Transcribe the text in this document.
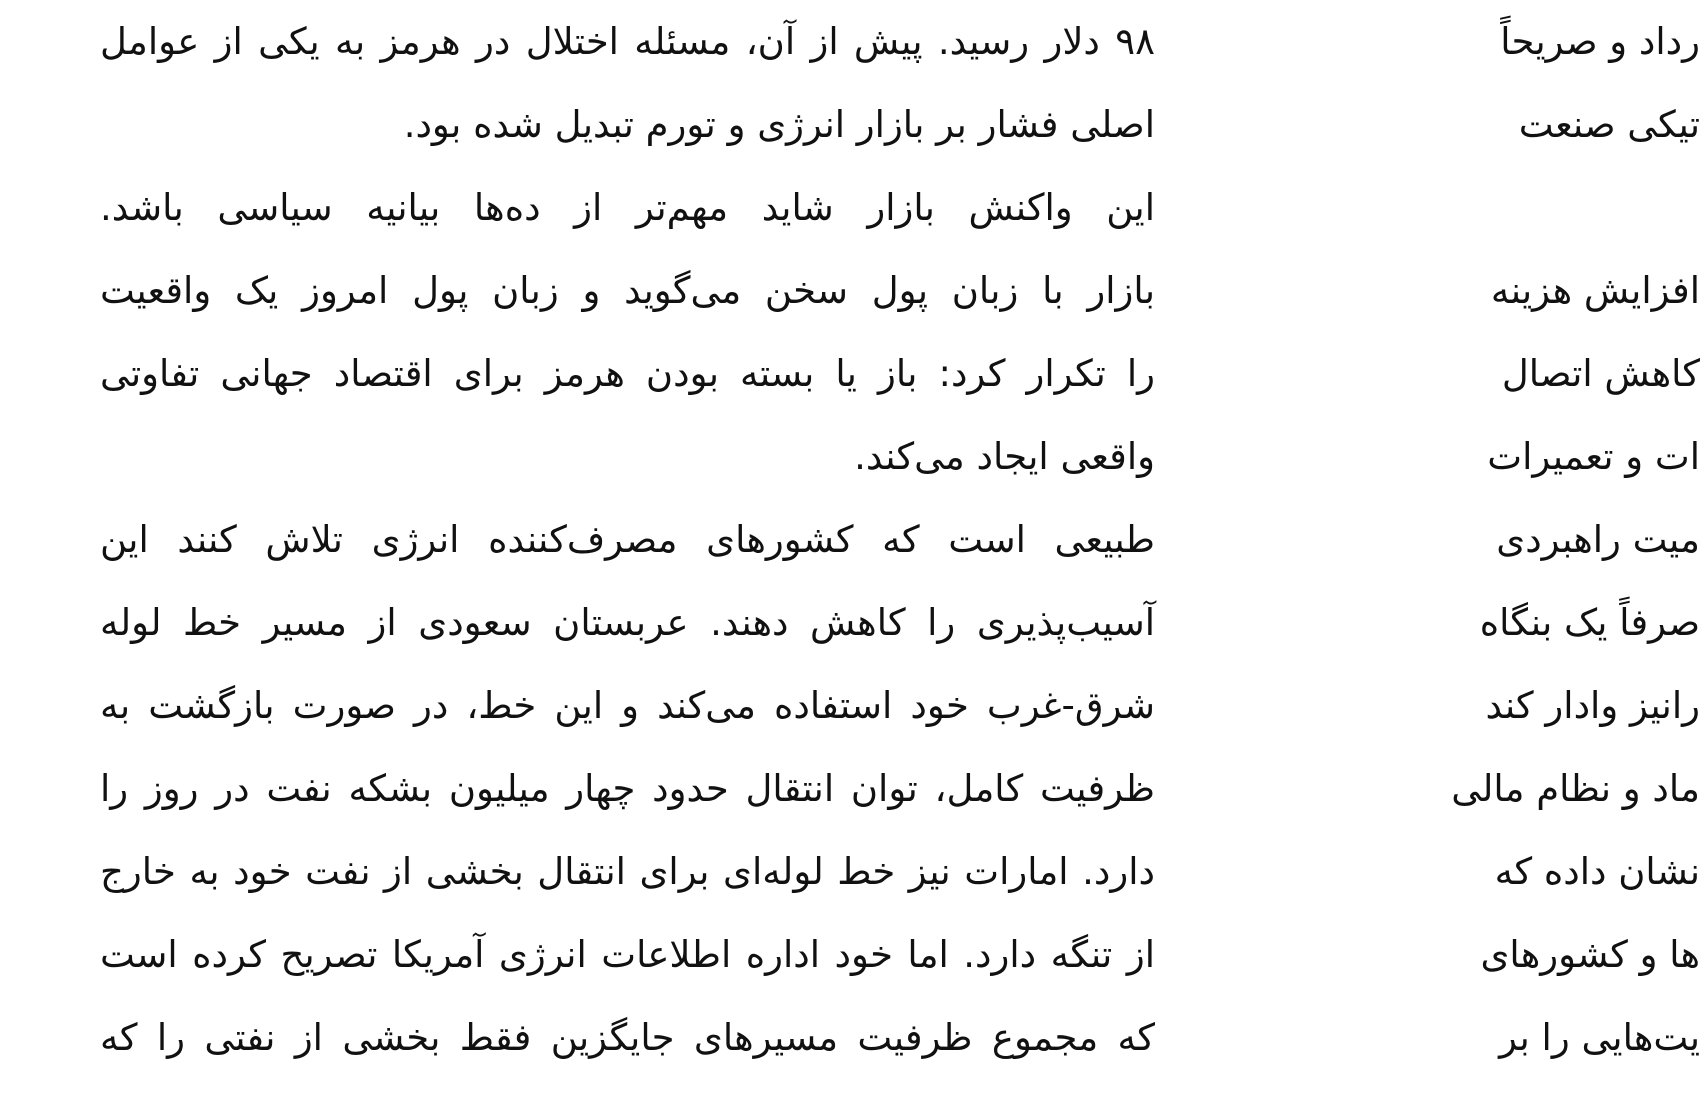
۹۸ دلار رسید. پیش از آن، مسئله اختلال در هرمز به یکی از عوامل
اصلی فشار بر بازار انرژی و تورم تبدیل شده بود.
این واکنش بازار شاید مهم‌تر از ده‌ها بیانیه سیاسی باشد.
بازار با زبان پول سخن می‌گوید و زبان پول امروز یک واقعیت
را تکرار کرد: باز یا بسته بودن هرمز برای اقتصاد جهانی تفاوتی
واقعی ایجاد می‌کند.
طبیعی است که کشورهای مصرف‌کننده انرژی تلاش کنند این
آسیب‌پذیری را کاهش دهند. عربستان سعودی از مسیر خط لوله
شرق-غرب خود استفاده می‌کند و این خط، در صورت بازگشت به
ظرفیت کامل، توان انتقال حدود چهار میلیون بشکه نفت در روز را
دارد. امارات نیز خط لوله‌ای برای انتقال بخشی از نفت خود به خارج
از تنگه دارد. اما خود اداره اطلاعات انرژی آمریکا تصریح کرده است
که مجموع ظرفیت مسیرهای جایگزین فقط بخشی از نفتی را که
رداد و صریحاً
تیکی صنعت
افزایش هزینه
کاهش اتصال
ات و تعمیرات
میت راهبردی
صرفاً یک بنگاه
رانیز وادار کند
ماد و نظام مالی
نشان داده که
ها و کشورهای
یت‌هایی را بر
